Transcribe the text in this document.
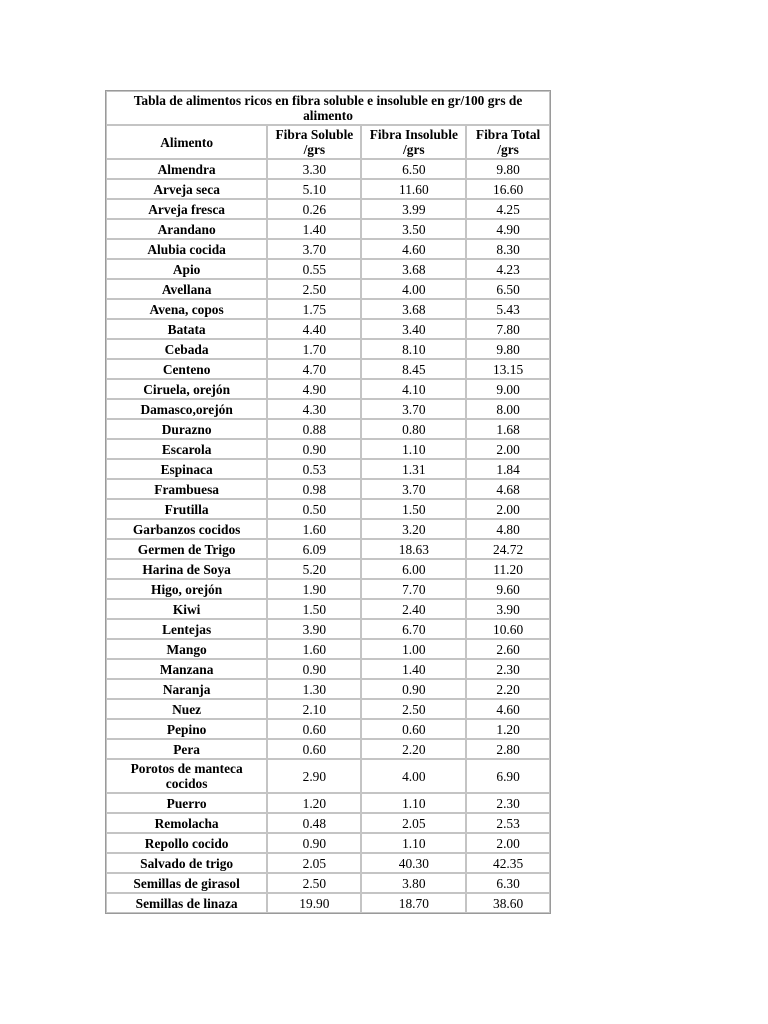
Tabla de alimentos ricos en fibra soluble e insoluble en gr/100 grs de alimento			
Alimento	Fibra Soluble /grs	Fibra Insoluble /grs	Fibra Total /grs
Almendra	3.30	6.50	9.80
Arveja seca	5.10	11.60	16.60
Arveja fresca	0.26	3.99	4.25
Arandano	1.40	3.50	4.90
Alubia cocida	3.70	4.60	8.30
Apio	0.55	3.68	4.23
Avellana	2.50	4.00	6.50
Avena, copos	1.75	3.68	5.43
Batata	4.40	3.40	7.80
Cebada	1.70	8.10	9.80
Centeno	4.70	8.45	13.15
Ciruela, orejón	4.90	4.10	9.00
Damasco,orejón	4.30	3.70	8.00
Durazno	0.88	0.80	1.68
Escarola	0.90	1.10	2.00
Espinaca	0.53	1.31	1.84
Frambuesa	0.98	3.70	4.68
Frutilla	0.50	1.50	2.00
Garbanzos cocidos	1.60	3.20	4.80
Germen de Trigo	6.09	18.63	24.72
Harina de Soya	5.20	6.00	11.20
Higo, orejón	1.90	7.70	9.60
Kiwi	1.50	2.40	3.90
Lentejas	3.90	6.70	10.60
Mango	1.60	1.00	2.60
Manzana	0.90	1.40	2.30
Naranja	1.30	0.90	2.20
Nuez	2.10	2.50	4.60
Pepino	0.60	0.60	1.20
Pera	0.60	2.20	2.80
Porotos de manteca cocidos	2.90	4.00	6.90
Puerro	1.20	1.10	2.30
Remolacha	0.48	2.05	2.53
Repollo cocido	0.90	1.10	2.00
Salvado de trigo	2.05	40.30	42.35
Semillas de girasol	2.50	3.80	6.30
Semillas de linaza	19.90	18.70	38.60
